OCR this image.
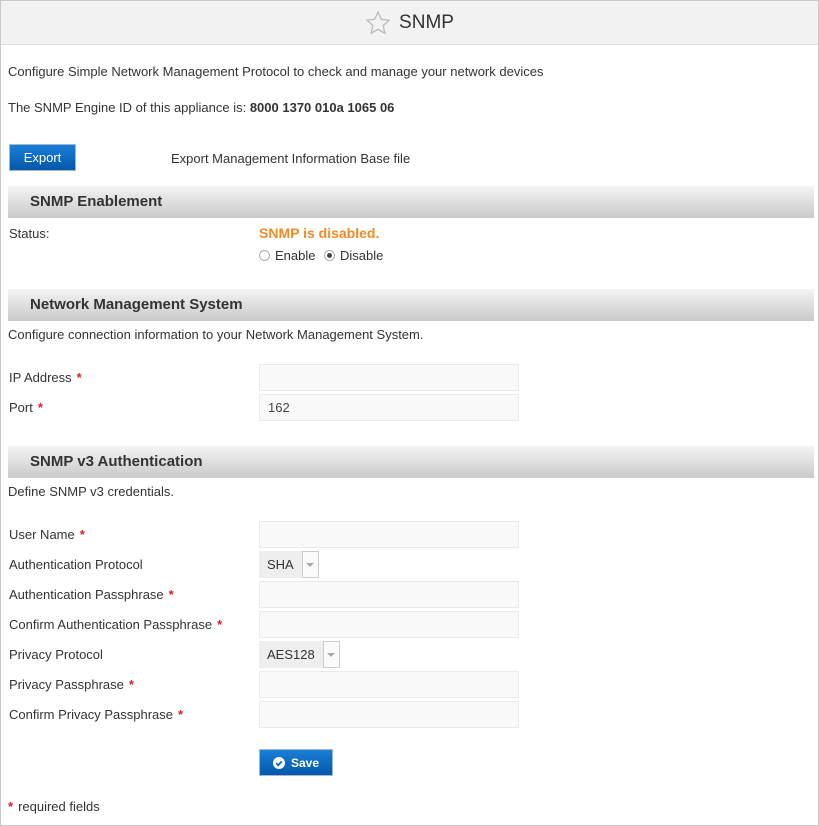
SNMP
Configure Simple Network Management Protocol to check and manage your network devices
The SNMP Engine ID of this appliance is: 8000 1370 010a 1065 06
Export	Export Management Information Base file
SNMP Enablement
Status:	SNMP is disabled.
Enable	Disable
Network Management System
Configure connection information to your Network Management System.
IP Address *
Port *	162
SNMP v3 Authentication
Define SNMP v3 credentials.
User Name *
Authentication Protocol	SHA
Authentication Passphrase *
Confirm Authentication Passphrase *
Privacy Protocol	AES128
Privacy Passphrase *
Confirm Privacy Passphrase *
Save
* required fields
